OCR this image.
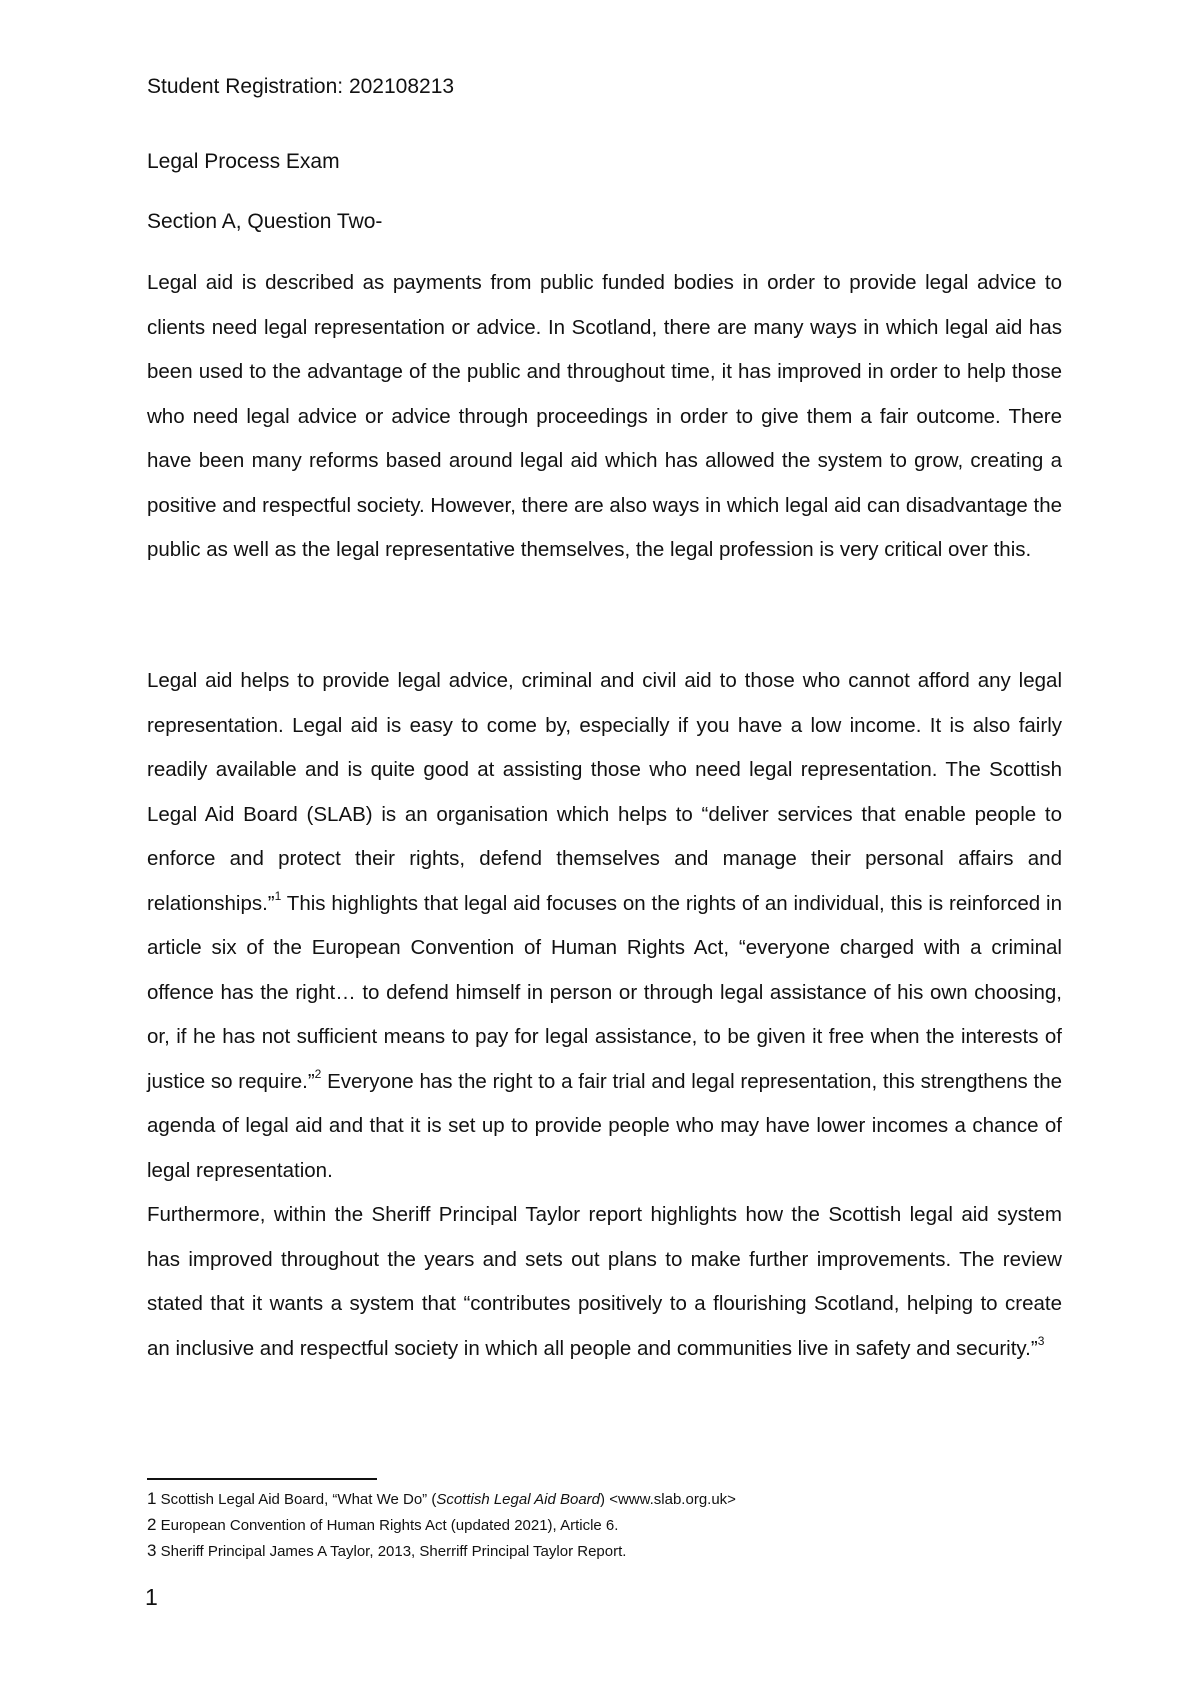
Student Registration: 202108213
Legal Process Exam
Section A, Question Two-

Legal aid is described as payments from public funded bodies in order to provide legal advice to clients need legal representation or advice. In Scotland, there are many ways in which legal aid has been used to the advantage of the public and throughout time, it has improved in order to help those who need legal advice or advice through proceedings in order to give them a fair outcome. There have been many reforms based around legal aid which has allowed the system to grow, creating a positive and respectful society. However, there are also ways in which legal aid can disadvantage the public as well as the legal representative themselves, the legal profession is very critical over this.

Legal aid helps to provide legal advice, criminal and civil aid to those who cannot afford any legal representation. Legal aid is easy to come by, especially if you have a low income. It is also fairly readily available and is quite good at assisting those who need legal representation. The Scottish Legal Aid Board (SLAB) is an organisation which helps to “deliver services that enable people to enforce and protect their rights, defend themselves and manage their personal affairs and relationships.”$^1$ This highlights that legal aid focuses on the rights of an individual, this is reinforced in article six of the European Convention of Human Rights Act, “everyone charged with a criminal offence has the right… to defend himself in person or through legal assistance of his own choosing, or, if he has not sufficient means to pay for legal assistance, to be given it free when the interests of justice so require.”$^2$ Everyone has the right to a fair trial and legal representation, this strengthens the agenda of legal aid and that it is set up to provide people who may have lower incomes a chance of legal representation.

Furthermore, within the Sheriff Principal Taylor report highlights how the Scottish legal aid system has improved throughout the years and sets out plans to make further improvements. The review stated that it wants a system that “contributes positively to a flourishing Scotland, helping to create an inclusive and respectful society in which all people and communities live in safety and security.”$^3$

1 Scottish Legal Aid Board, “What We Do” (Scottish Legal Aid Board) <www.slab.org.uk>

2 European Convention of Human Rights Act (updated 2021), Article 6.

3 Sheriff Principal James A Taylor, 2013, Sherriff Principal Taylor Report.

1
